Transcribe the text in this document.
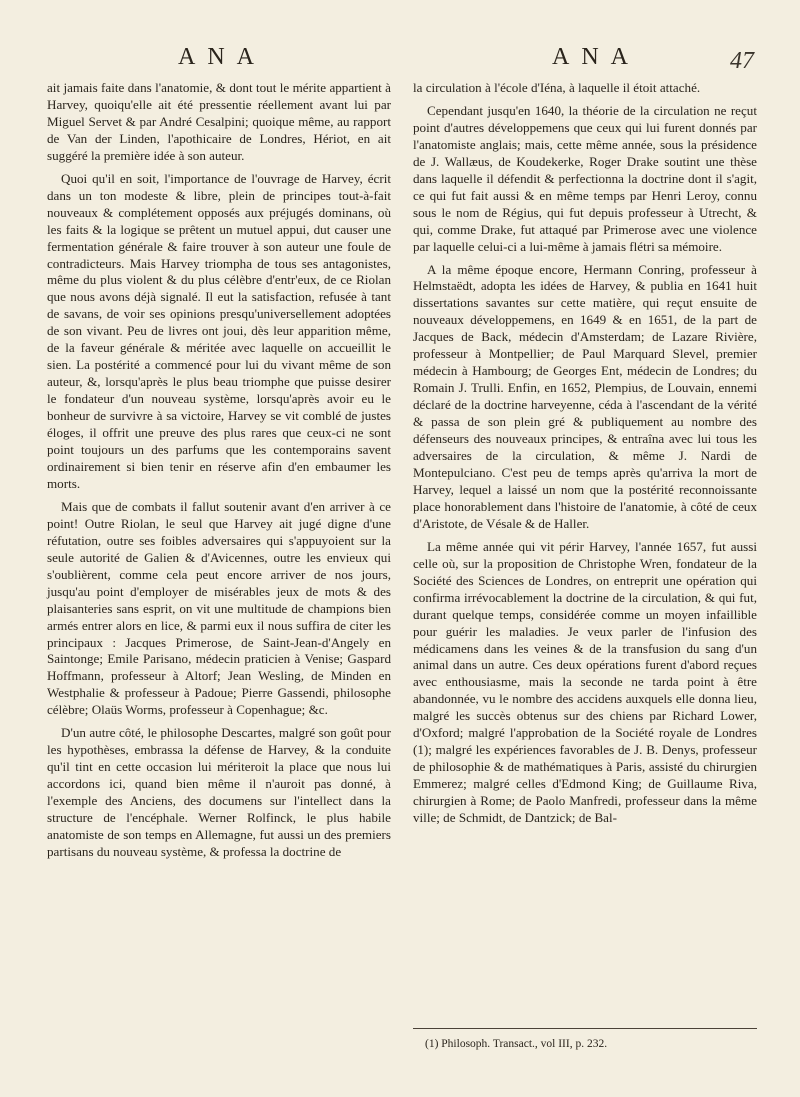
ANA	ANA	47

ait jamais faite dans l'anatomie, & dont tout le mérite appartient à Harvey, quoiqu'elle ait été pressentie réellement avant lui par Miguel Servet & par André Cesalpini; quoique même, au rapport de Van der Linden, l'apothicaire de Londres, Hériot, en ait suggéré la première idée à son auteur.

Quoi qu'il en soit, l'importance de l'ouvrage de Harvey, écrit dans un ton modeste & libre, plein de principes tout-à-fait nouveaux & complétement opposés aux préjugés dominans, où les faits & la logique se prêtent un mutuel appui, dut causer une fermentation générale & faire trouver à son auteur une foule de contradicteurs. Mais Harvey triompha de tous ses antagonistes, même du plus violent & du plus célèbre d'entr'eux, de ce Riolan que nous avons déjà signalé. Il eut la satisfaction, refusée à tant de savans, de voir ses opinions presqu'universellement adoptées de son vivant. Peu de livres ont joui, dès leur apparition même, de la faveur générale & méritée avec laquelle on accueillit le sien. La postérité a commencé pour lui du vivant même de son auteur, &, lorsqu'après le plus beau triomphe que puisse desirer le fondateur d'un nouveau système, lorsqu'après avoir eu le bonheur de survivre à sa victoire, Harvey se vit comblé de justes éloges, il offrit une preuve des plus rares que ceux-ci ne sont point toujours un des parfums que les contemporains savent ordinairement si bien tenir en réserve afin d'en embaumer les morts.

Mais que de combats il fallut soutenir avant d'en arriver à ce point! Outre Riolan, le seul que Harvey ait jugé digne d'une réfutation, outre ses foibles adversaires qui s'appuyoient sur la seule autorité de Galien & d'Avicennes, outre les envieux qui s'oublièrent, comme cela peut encore arriver de nos jours, jusqu'au point d'employer de misérables jeux de mots & des plaisanteries sans esprit, on vit une multitude de champions bien armés entrer alors en lice, & parmi eux il nous suffira de citer les principaux : Jacques Primerose, de Saint-Jean-d'Angely en Saintonge; Emile Parisano, médecin praticien à Venise; Gaspard Hoffmann, professeur à Altorf; Jean Wesling, de Minden en Westphalie & professeur à Padoue; Pierre Gassendi, philosophe célèbre; Olaüs Worms, professeur à Copenhague; &c.

D'un autre côté, le philosophe Descartes, malgré son goût pour les hypothèses, embrassa la défense de Harvey, & la conduite qu'il tint en cette occasion lui mériteroit la place que nous lui accordons ici, quand bien même il n'auroit pas donné, à l'exemple des Anciens, des documens sur l'intellect dans la structure de l'encéphale. Werner Rolfinck, le plus habile anatomiste de son temps en Allemagne, fut aussi un des premiers partisans du nouveau système, & professa la doctrine de

la circulation à l'école d'Iéna, à laquelle il étoit attaché.

Cependant jusqu'en 1640, la théorie de la circulation ne reçut point d'autres développemens que ceux qui lui furent donnés par l'anatomiste anglais; mais, cette même année, sous la présidence de J. Wallæus, de Koudekerke, Roger Drake soutint une thèse dans laquelle il défendit & perfectionna la doctrine dont il s'agit, ce qui fut fait aussi & en même temps par Henri Leroy, connu sous le nom de Régius, qui fut depuis professeur à Utrecht, & qui, comme Drake, fut attaqué par Primerose avec une violence par laquelle celui-ci a lui-même à jamais flétri sa mémoire.

A la même époque encore, Hermann Conring, professeur à Helmstaëdt, adopta les idées de Harvey, & publia en 1641 huit dissertations savantes sur cette matière, qui reçut ensuite de nouveaux développemens, en 1649 & en 1651, de la part de Jacques de Back, médecin d'Amsterdam; de Lazare Rivière, professeur à Montpellier; de Paul Marquard Slevel, premier médecin à Hambourg; de Georges Ent, médecin de Londres; du Romain J. Trulli. Enfin, en 1652, Plempius, de Louvain, ennemi déclaré de la doctrine harveyenne, céda à l'ascendant de la vérité & passa de son plein gré & publiquement au nombre des défenseurs des nouveaux principes, & entraîna avec lui tous les adversaires de la circulation, & même J. Nardi de Montepulciano. C'est peu de temps après qu'arriva la mort de Harvey, lequel a laissé un nom que la postérité reconnoissante place honorablement dans l'histoire de l'anatomie, à côté de ceux d'Aristote, de Vésale & de Haller.

La même année qui vit périr Harvey, l'année 1657, fut aussi celle où, sur la proposition de Christophe Wren, fondateur de la Société des Sciences de Londres, on entreprit une opération qui confirma irrévocablement la doctrine de la circulation, & qui fut, durant quelque temps, considérée comme un moyen infaillible pour guérir les maladies. Je veux parler de l'infusion des médicamens dans les veines & de la transfusion du sang d'un animal dans un autre. Ces deux opérations furent d'abord reçues avec enthousiasme, mais la seconde ne tarda point à être abandonnée, vu le nombre des accidens auxquels elle donna lieu, malgré les succès obtenus sur des chiens par Richard Lower, d'Oxford; malgré l'approbation de la Société royale de Londres (1); malgré les expériences favorables de J. B. Denys, professeur de philosophie & de mathématiques à Paris, assisté du chirurgien Emmerez; malgré celles d'Edmond King; de Guillaume Riva, chirurgien à Rome; de Paolo Manfredi, professeur dans la même ville; de Schmidt, de Dantzick; de Bal-

(1) Philosoph. Transact., vol III, p. 232.
